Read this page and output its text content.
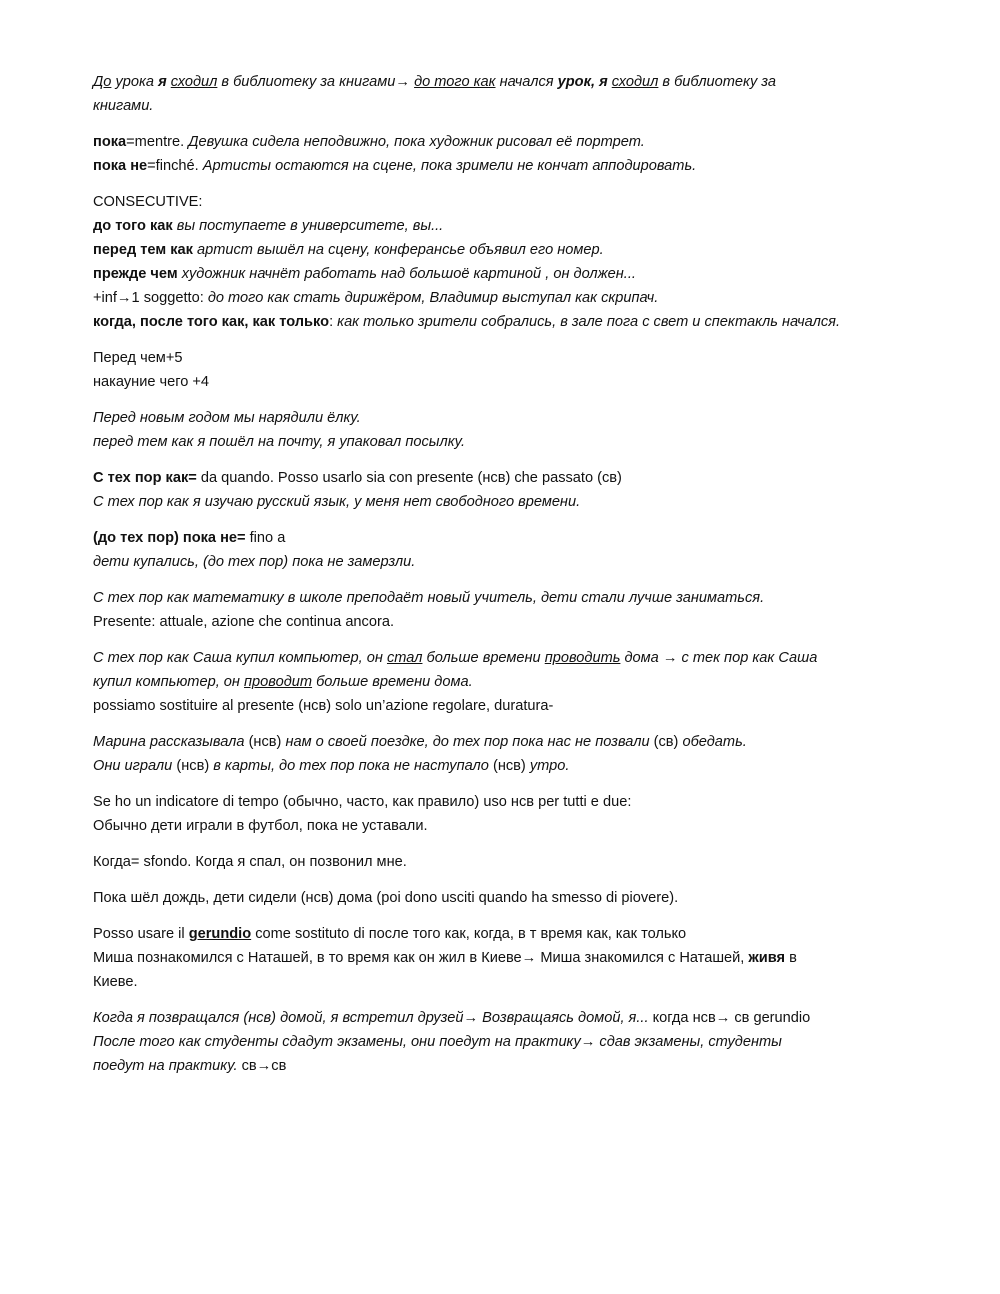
До урока я сходил в библиотеку за книгами→ до того как начался урок, я сходил в библиотеку за
книгами.
пока=mentre. Девушка сидела неподвижно, пока художник рисовал её портрет.
пока не=finché. Артисты остаются на сцене, пока зримели не кончат апподировать.
CONSECUTIVE:
до того как вы поступаете в университете, вы...
перед тем как артист вышёл на сцену, конферансье объявил его номер.
прежде чем художник начнёт работать над большоё картиной , он должен...
+inf→1 soggetto: до того как стать дирижёром, Владимир выступал как скрипач.
когда, после того как, как только: как только зрители собрались, в зале пога с свет и спектакль начался.
Перед чем+5
накауние чего +4
Перед новым годом мы нарядили ёлку.
перед тем как я пошёл на почту, я упаковал посылку.
С тех пор как= da quando. Posso usarlo sia con presente (нсв) che passato (св)
С тех пор как я изучаю русский язык, у меня нет свободного времени.
(до тех пор) пока не= fino a
дети купались, (до тех пор) пока не замерзли.
С тех пор как математику в школе преподаёт новый учитель, дети стали лучше заниматься.
Presente: attuale, azione che continua ancora.
С тех пор как Саша купил компьютер, он стал больше времени проводить дома → с тек пор как Саша
купил компьютер, он проводит больше времени дома.
possiamo sostituire al presente (нсв) solo un’azione regolare, duratura-
Марина рассказывала (нсв) нам о своей поездке, до тех пор пока нас не позвали (св) обедать.
Они играли (нсв) в карты, до тех пор пока не наступало (нсв) утро.
Se ho un indicatore di tempo (обычно, часто, как правило) uso нсв per tutti e due:
Обычно дети играли в футбол, пока не уставали.
Когда= sfondo. Когда я спал, он позвонил мне.
Пока шёл дождь, дети сидели (нсв) дома (poi dono usciti quando ha smesso di piovere).
Posso usare il gerundio come sostituto di после того как, когда, в т время как, как только
Миша познакомился с Наташей, в то время как он жил в Киеве→ Миша знакомился с Наташей, живя в
Киеве.
Когда я позвращался (нсв) домой, я встретил друзей→ Возвращаясь домой, я... когда нсв→ св gerundio
После того как студенты сдадут экзамены, они поедут на практику→ сдав экзамены, студенты
поедут на практику. св→св
